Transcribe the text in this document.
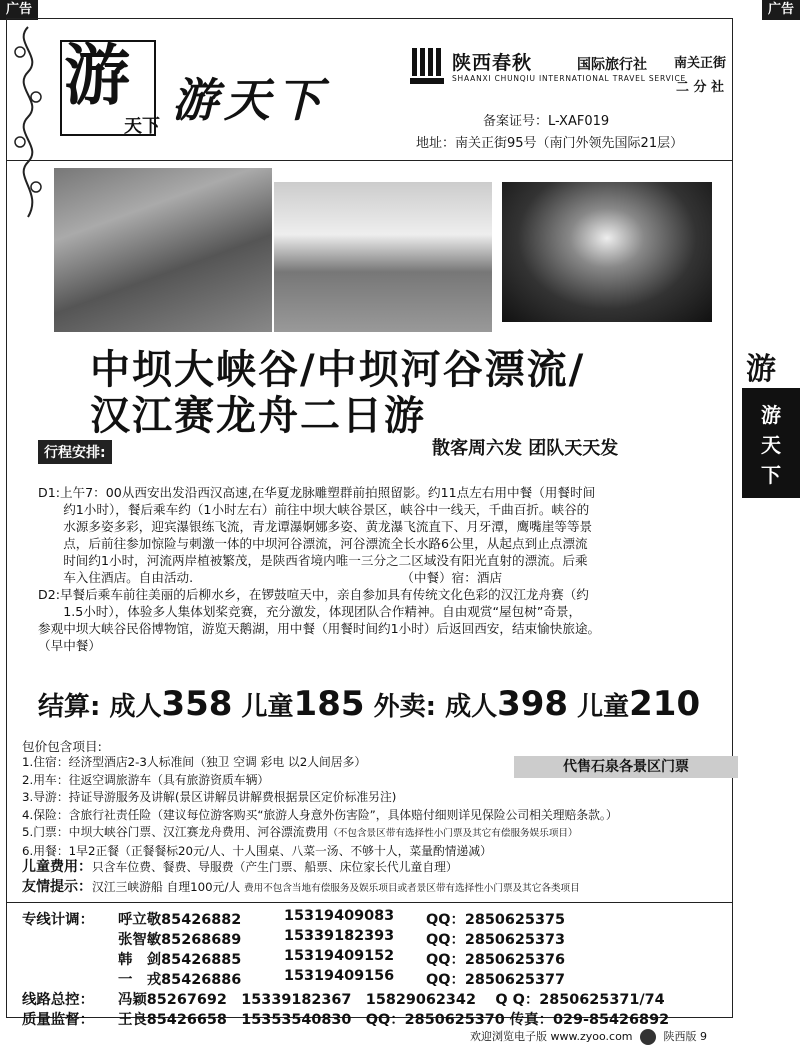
广告	广告
游
天下 游天下
陕西春秋	国际旅行社
SHAANXI CHUNQIU INTERNATIONAL TRAVEL SERVICE
南关正街
二 分 社
备案证号：L-XAF019
地址：南关正街95号（南门外领先国际21层）
中坝大峡谷/中坝河谷漂流/
汉江赛龙舟二日游
行程安排:	散客周六发 团队天天发
D1:上午7：00从西安出发沿西汉高速,在华夏龙脉雕塑群前拍照留影。约11点左右用中餐（用餐时间
　　约1小时），餐后乘车约（1小时左右）前往中坝大峡谷景区，峡谷中一线天，千曲百折。峡谷的
　　水源多姿多彩，迎宾瀑银练飞流，青龙谭瀑婀娜多姿、黄龙瀑飞流直下、月牙潭，鹰嘴崖等等景
　　点，后前往参加惊险与刺激一体的中坝河谷漂流，河谷漂流全长水路6公里，从起点到止点漂流
　　时间约1小时，河流两岸植被繁茂，是陕西省境内唯一三分之二区域没有阳光直射的漂流。后乘
　　车入住酒店。自由活动.                                                    （中餐）宿：酒店
D2:早餐后乘车前往美丽的后柳水乡，在锣鼓喧天中，亲自参加具有传统文化色彩的汉江龙舟赛（约
　　1.5小时），体验多人集体划桨竞赛，充分激发，体现团队合作精神。自由观赏“屋包树”奇景，
参观中坝大峡谷民俗博物馆，游览天鹅湖，用中餐（用餐时间约1小时）后返回西安，结束愉快旅途。
（早中餐）
结算: 成人358 儿童185 外卖: 成人398 儿童210
包价包含项目:
代售石泉各景区门票
1.住宿：经济型酒店2-3人标准间（独卫 空调 彩电 以2人间居多）
2.用车：往返空调旅游车（具有旅游资质车辆）
3.导游：持证导游服务及讲解(景区讲解员讲解费根据景区定价标准另注)
4.保险：含旅行社责任险（建议每位游客购买“旅游人身意外伤害险”，具体赔付细则详见保险公司相关理赔条款。）
5.门票：中坝大峡谷门票、汉江赛龙舟费用、河谷漂流费用（不包含景区带有选择性小门票及其它有偿服务娱乐项目）
6.用餐：1早2正餐（正餐餐标20元/人、十人围桌、八菜一汤、不够十人，菜量酌情递减）
儿童费用：只含车位费、餐费、导服费（产生门票、船票、床位家长代儿童自理）
友情提示：汉江三峡游船 自理100元/人 费用不包含当地有偿服务及娱乐项目或者景区带有选择性小门票及其它各类项目
专线计调： 呼立敬85426882	15319409083 QQ：2850625375
张智敏85268689	15339182393 QQ：2850625373
韩　剑85426885	15319409152 QQ：2850625376
一　戎85426886	15319409156 QQ：2850625377
线路总控： 冯颖85267692　15339182367　15829062342　 Q Q：2850625371/74
质量监督： 王良85426658　15353540830　QQ：2850625370 传真：029-85426892
欢迎浏览电子版 www.zyoo.com	陕西版 9
游
游天下
